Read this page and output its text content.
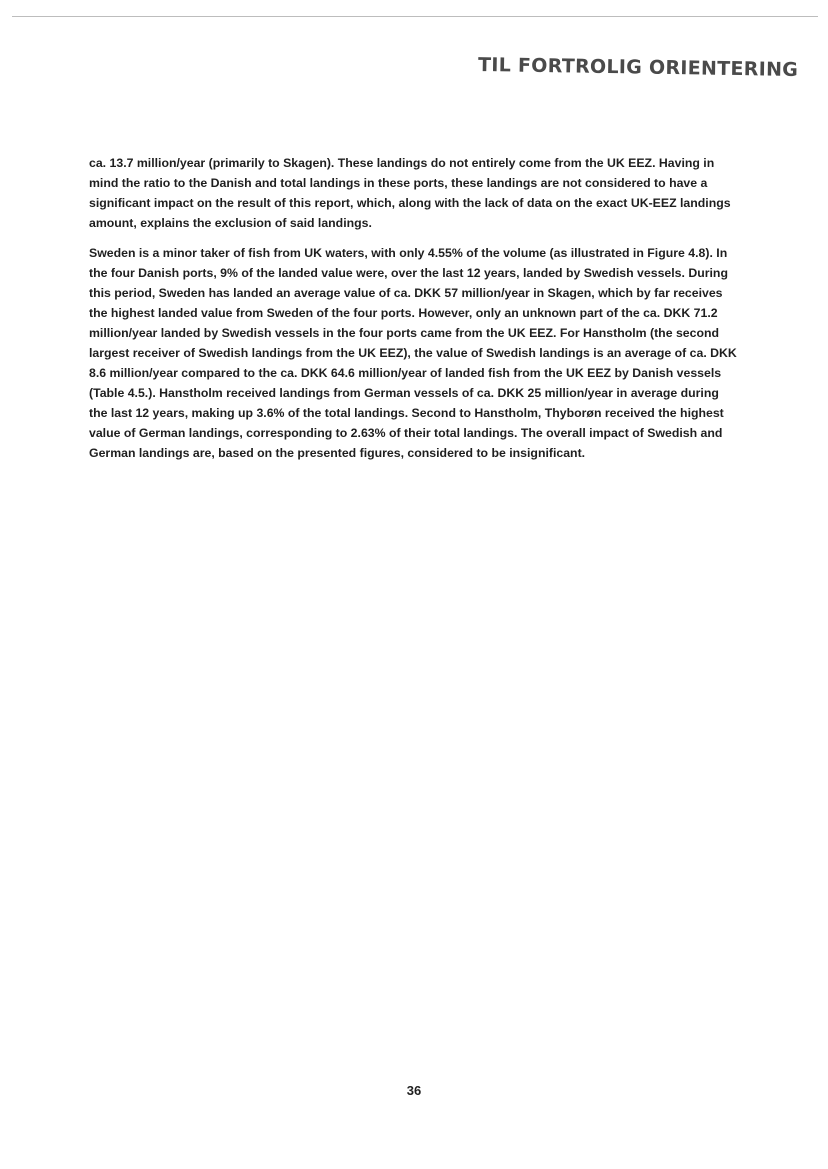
TIL FORTROLIG ORIENTERING

ca. 13.7 million/year (primarily to Skagen). These landings do not entirely come from the UK EEZ. Having in mind the ratio to the Danish and total landings in these ports, these landings are not considered to have a significant impact on the result of this report, which, along with the lack of data on the exact UK-EEZ landings amount, explains the exclusion of said landings.

Sweden is a minor taker of fish from UK waters, with only 4.55% of the volume (as illustrated in Figure 4.8). In the four Danish ports, 9% of the landed value were, over the last 12 years, landed by Swedish vessels. During this period, Sweden has landed an average value of ca. DKK 57 million/year in Skagen, which by far receives the highest landed value from Sweden of the four ports. However, only an unknown part of the ca. DKK 71.2 million/year landed by Swedish vessels in the four ports came from the UK EEZ. For Hanstholm (the second largest receiver of Swedish landings from the UK EEZ), the value of Swedish landings is an average of ca. DKK 8.6 million/year compared to the ca. DKK 64.6 million/year of landed fish from the UK EEZ by Danish vessels (Table 4.5.). Hanstholm received landings from German vessels of ca. DKK 25 million/year in average during the last 12 years, making up 3.6% of the total landings. Second to Hanstholm, Thyborøn received the highest value of German landings, corresponding to 2.63% of their total landings. The overall impact of Swedish and German landings are, based on the presented figures, considered to be insignificant.

36
